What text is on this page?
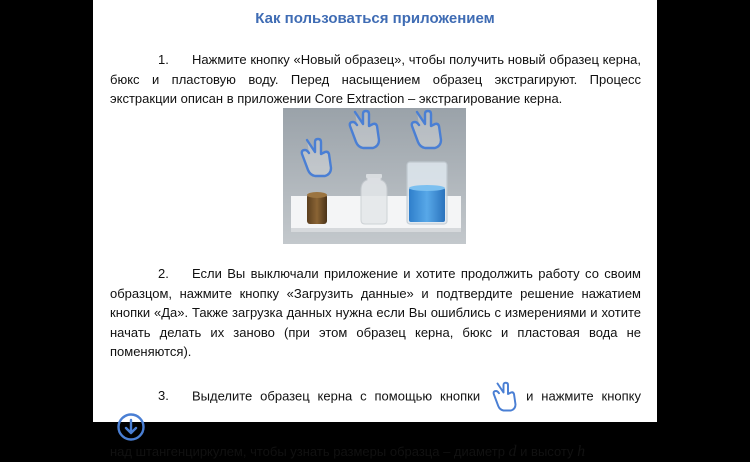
Как пользоваться приложением
1. Нажмите кнопку «Новый образец», чтобы получить новый образец керна, бюкс и пластовую воду. Перед насыщением образец экстрагируют. Процесс экстракции описан в приложении Core Extraction – экстрагирование керна.
2. Если Вы выключали приложение и хотите продолжить работу со своим образцом, нажмите кнопку «Загрузить данные» и подтвердите решение нажатием кнопки «Да». Также загрузка данных нужна если Вы ошиблись с измерениями и хотите начать делать их заново (при этом образец керна, бюкс и пластовая вода не поменяются).
3. Выделите образец керна с помощью кнопки	и нажмите кнопку
над штангенциркулем, чтобы узнать размеры образца – диаметр d и высоту h
